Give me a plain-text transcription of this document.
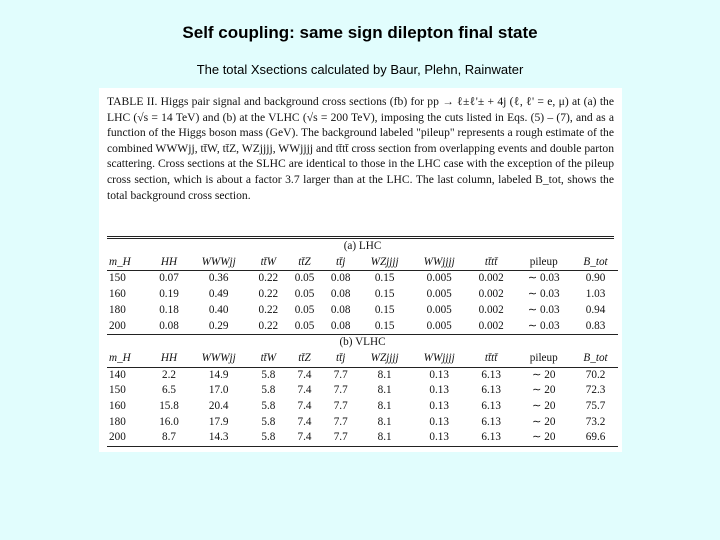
Self coupling: same sign dilepton final state
The total Xsections calculated by Baur, Plehn, Rainwater
TABLE II. Higgs pair signal and background cross sections (fb) for pp → ℓ±ℓ'± + 4j (ℓ, ℓ' = e, μ) at (a) the LHC (√s = 14 TeV) and (b) at the VLHC (√s = 200 TeV), imposing the cuts listed in Eqs. (5) – (7), and as a function of the Higgs boson mass (GeV). The background labeled "pileup" represents a rough estimate of the combined WWWjj, tt̄W, tt̄Z, WZjjjj, WWjjjj and tt̄tt̄ cross section from overlapping events and double parton scattering. Cross sections at the SLHC are identical to those in the LHC case with the exception of the pileup cross section, which is about a factor 3.7 larger than at the LHC. The last column, labeled B_tot, shows the total background cross section.
(a) LHC										
m_H	HH	WWWjj	tt̄W	tt̄Z	tt̄j	WZjjjj	WWjjjj	tt̄tt̄	pileup	B_tot
150	0.07	0.36	0.22	0.05	0.08	0.15	0.005	0.002	∼ 0.03	0.90
160	0.19	0.49	0.22	0.05	0.08	0.15	0.005	0.002	∼ 0.03	1.03
180	0.18	0.40	0.22	0.05	0.08	0.15	0.005	0.002	∼ 0.03	0.94
200	0.08	0.29	0.22	0.05	0.08	0.15	0.005	0.002	∼ 0.03	0.83
(b) VLHC										
m_H	HH	WWWjj	tt̄W	tt̄Z	tt̄j	WZjjjj	WWjjjj	tt̄tt̄	pileup	B_tot
140	2.2	14.9	5.8	7.4	7.7	8.1	0.13	6.13	∼ 20	70.2
150	6.5	17.0	5.8	7.4	7.7	8.1	0.13	6.13	∼ 20	72.3
160	15.8	20.4	5.8	7.4	7.7	8.1	0.13	6.13	∼ 20	75.7
180	16.0	17.9	5.8	7.4	7.7	8.1	0.13	6.13	∼ 20	73.2
200	8.7	14.3	5.8	7.4	7.7	8.1	0.13	6.13	∼ 20	69.6
